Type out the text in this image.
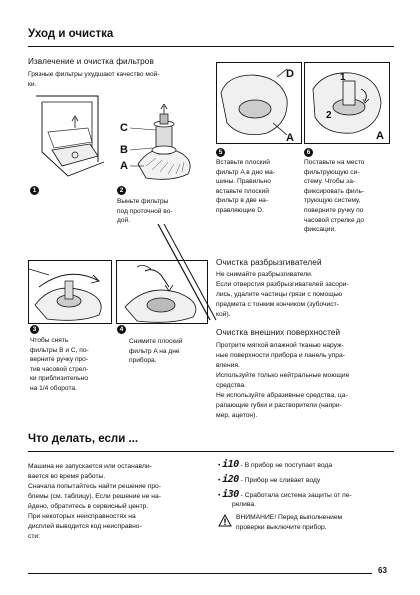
Уход и очистка
Извлечение и очистка фильтров
Грязные фильтры ухудшают качество мой-
ки.
1
C
B
A
2
Выньте фильтры
под проточной во-
дой.
3
Чтобы снять
фильтры B и C, по-
верните ручку про-
тив часовой стрел-
ки приблизительно
на 1/4 оборота.
4
Снимите плоский
фильтр A на дне
прибора.
D
A
5
Вставьте плоский
фильтр A в дно ма-
шины. Правильно
вставьте плоский
фильтр в две на-
правляющие D.
1
2
A
6
Поставьте на место
фильтрующую си-
стему. Чтобы за-
фиксировать филь-
трующую систему,
поверните ручку по
часовой стрелке до
фиксации.
Очистка разбрызгивателей
Не снимайте разбрызгиватели.
Если отверстия разбрызгивателей засори-
лись, удалите частицы грязи с помощью
предмета с тонким кончиком (зубочист-
кой).
Очистка внешних поверхностей
Протрите мягкой влажной тканью наруж-
ные поверхности прибора и панель упра-
вления.
Используйте только нейтральные моющие
средства.
Не используйте абразивные средства, ца-
рапающие губки и растворители (напри-
мер, ацетон).
Что делать, если ...
Машина не запускается или останавли-
вается во время работы.
Сначала попытайтесь найти решение про-
блемы (см. таблицу). Если решение не на-
йдено, обратитесь в сервисный центр.
При некоторых неисправностях на
дисплей выводится код неисправно-
сти:
• i10 - В прибор не поступает вода
• i20 - Прибор не сливает воду
• i30 - Сработала система защиты от пе-
релива.
ВНИМАНИЕ! Перед выполнением
проверки выключите прибор.
63
